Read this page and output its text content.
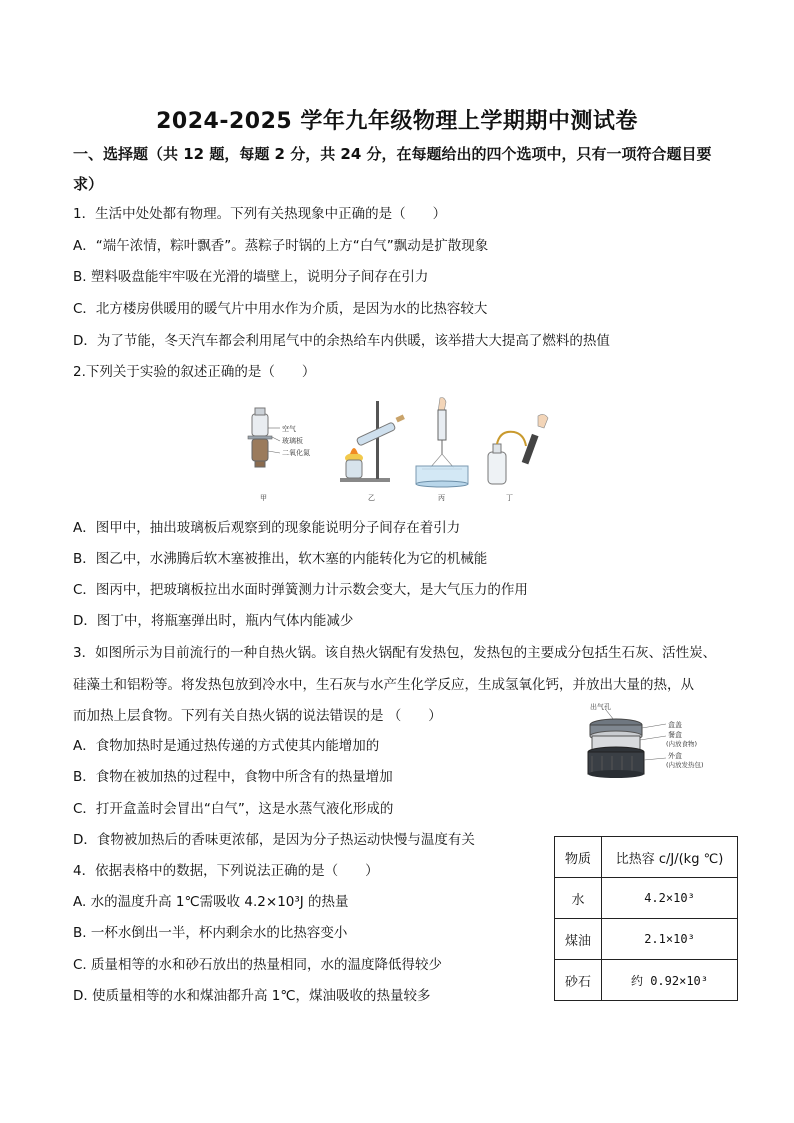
2024-2025 学年九年级物理上学期期中测试卷
一、选择题（共 12 题，每题 2 分，共 24 分，在每题给出的四个选项中，只有一项符合题目要求）
1．生活中处处都有物理。下列有关热现象中正确的是（　　）
A．“端午浓情，粽叶飘香”。蒸粽子时锅的上方“白气”飘动是扩散现象
B. 塑料吸盘能牢牢吸在光滑的墙壁上，说明分子间存在引力
C．北方楼房供暖用的暖气片中用水作为介质，是因为水的比热容较大
D．为了节能，冬天汽车都会利用尾气中的余热给车内供暖，该举措大大提高了燃料的热值
2.下列关于实验的叙述正确的是（　　）
空气
玻璃板
二氧化氮
甲	乙	丙	丁
A．图甲中，抽出玻璃板后观察到的现象能说明分子间存在着引力
B．图乙中，水沸腾后软木塞被推出，软木塞的内能转化为它的机械能
C．图丙中，把玻璃板拉出水面时弹簧测力计示数会变大，是大气压力的作用
D．图丁中，将瓶塞弹出时，瓶内气体内能减少
3．如图所示为目前流行的一种自热火锅。该自热火锅配有发热包，发热包的主要成分包括生石灰、活性炭、
硅藻土和铝粉等。将发热包放到冷水中，生石灰与水产生化学反应，生成氢氧化钙，并放出大量的热，从
而加热上层食物。下列有关自热火锅的说法错误的是 （　　）
出气孔
盒盖
餐盒
(内放食物)
外盒
(内放发热包)
A．食物加热时是通过热传递的方式使其内能增加的
B．食物在被加热的过程中，食物中所含有的热量增加
C．打开盒盖时会冒出“白气”，这是水蒸气液化形成的
D．食物被加热后的香味更浓郁，是因为分子热运动快慢与温度有关
4．依据表格中的数据，下列说法正确的是（　　）
A. 水的温度升高 1℃需吸收 4.2×10³J 的热量
B. 一杯水倒出一半，杯内剩余水的比热容变小
C. 质量相等的水和砂石放出的热量相同，水的温度降低得较少
D. 使质量相等的水和煤油都升高 1℃，煤油吸收的热量较多
物质	比热容 c/J/(kg ℃)
水	4.2×10³
煤油	2.1×10³
砂石	约 0.92×10³
